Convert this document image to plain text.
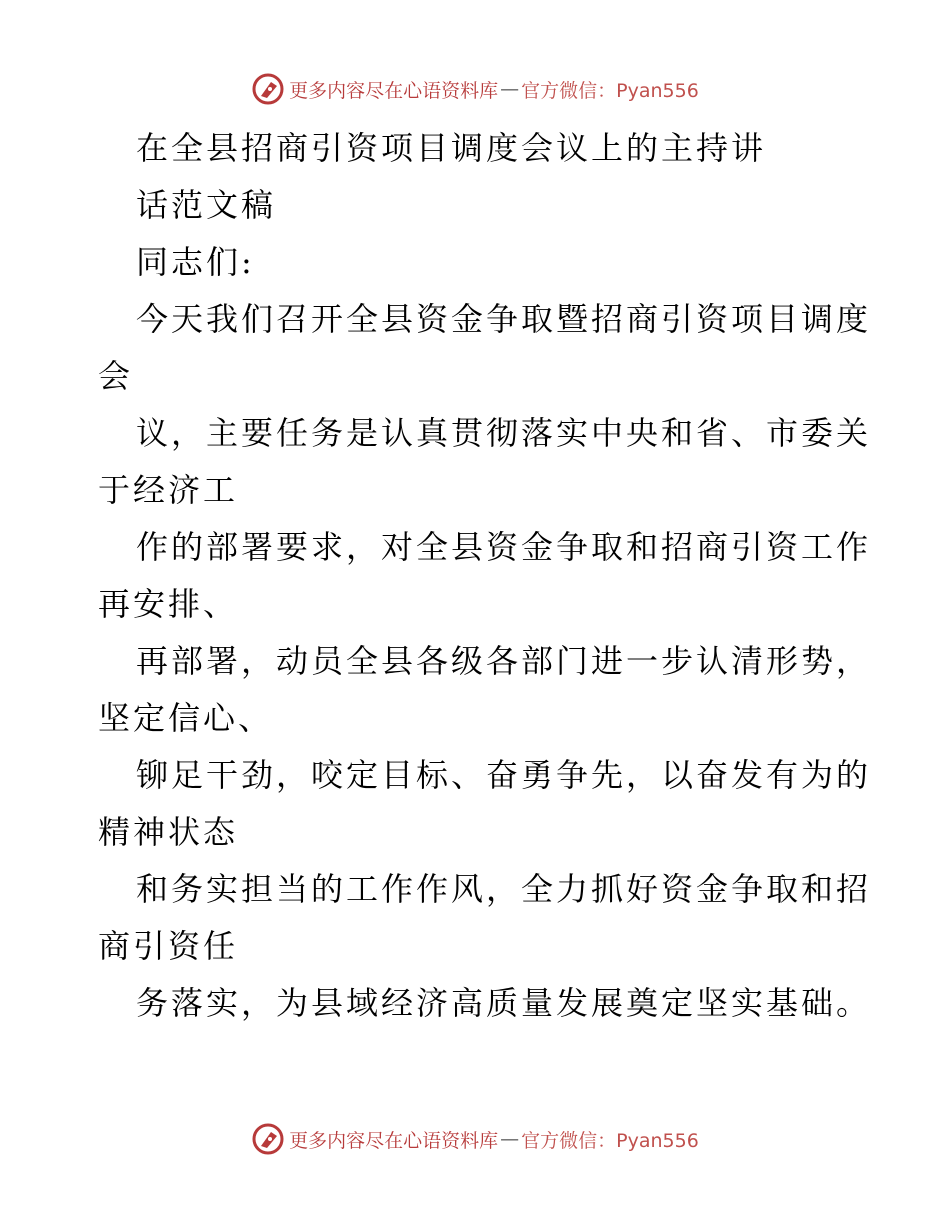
更多内容尽在心语资料库 — 官方微信：Pyan556
在全县招商引资项目调度会议上的主持讲
话范文稿
同志们:
今天我们召开全县资金争取暨招商引资项目调度
会
议，主要任务是认真贯彻落实中央和省、市委关
于经济工
作的部署要求，对全县资金争取和招商引资工作
再安排、
再部署，动员全县各级各部门进一步认清形势，
坚定信心、
铆足干劲，咬定目标、奋勇争先，以奋发有为的
精神状态
和务实担当的工作作风，全力抓好资金争取和招
商引资任
务落实，为县域经济高质量发展奠定坚实基础。
更多内容尽在心语资料库 — 官方微信：Pyan556
